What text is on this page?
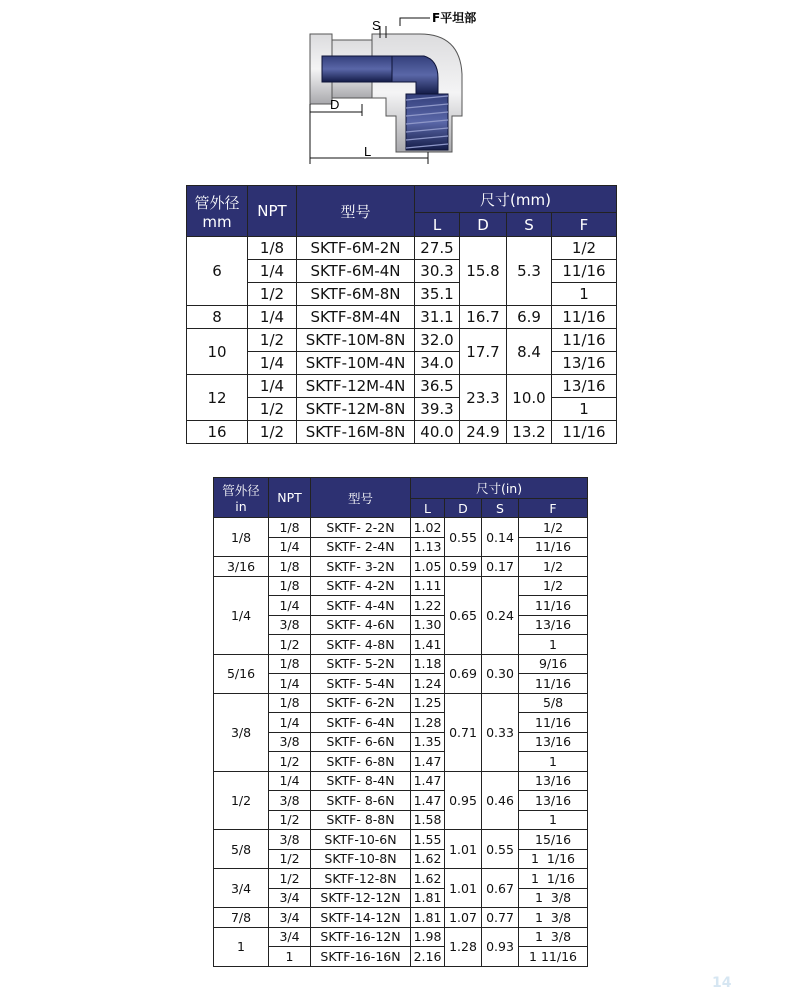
S
D
L
F平坦部
管外径
mm	NPT	型号	尺寸(mm)			
			L	D	S	F
6	1/8	SKTF-6M-2N	27.5	15.8	5.3	1/2
	1/4	SKTF-6M-4N	30.3			11/16
	1/2	SKTF-6M-8N	35.1			1
8	1/4	SKTF-8M-4N	31.1	16.7	6.9	11/16
10	1/2	SKTF-10M-8N	32.0	17.7	8.4	11/16
	1/4	SKTF-10M-4N	34.0			13/16
12	1/4	SKTF-12M-4N	36.5	23.3	10.0	13/16
	1/2	SKTF-12M-8N	39.3			1
16	1/2	SKTF-16M-8N	40.0	24.9	13.2	11/16
管外径
in	NPT	型号	尺寸(in)			
			L	D	S	F
1/8	1/8	SKTF- 2-2N	1.02	0.55	0.14	1/2
	1/4	SKTF- 2-4N	1.13			11/16
3/16	1/8	SKTF- 3-2N	1.05	0.59	0.17	1/2
1/4	1/8	SKTF- 4-2N	1.11	0.65	0.24	1/2
	1/4	SKTF- 4-4N	1.22			11/16
	3/8	SKTF- 4-6N	1.30			13/16
	1/2	SKTF- 4-8N	1.41			1
5/16	1/8	SKTF- 5-2N	1.18	0.69	0.30	9/16
	1/4	SKTF- 5-4N	1.24			11/16
3/8	1/8	SKTF- 6-2N	1.25	0.71	0.33	5/8
	1/4	SKTF- 6-4N	1.28			11/16
	3/8	SKTF- 6-6N	1.35			13/16
	1/2	SKTF- 6-8N	1.47			1
1/2	1/4	SKTF- 8-4N	1.47	0.95	0.46	13/16
	3/8	SKTF- 8-6N	1.47			13/16
	1/2	SKTF- 8-8N	1.58			1
5/8	3/8	SKTF-10-6N	1.55	1.01	0.55	15/16
	1/2	SKTF-10-8N	1.62			1  1/16
3/4	1/2	SKTF-12-8N	1.62	1.01	0.67	1  1/16
	3/4	SKTF-12-12N	1.81			1  3/8
7/8	3/4	SKTF-14-12N	1.81	1.07	0.77	1  3/8
1	3/4	SKTF-16-12N	1.98	1.28	0.93	1  3/8
	1	SKTF-16-16N	2.16			1 11/16
14
